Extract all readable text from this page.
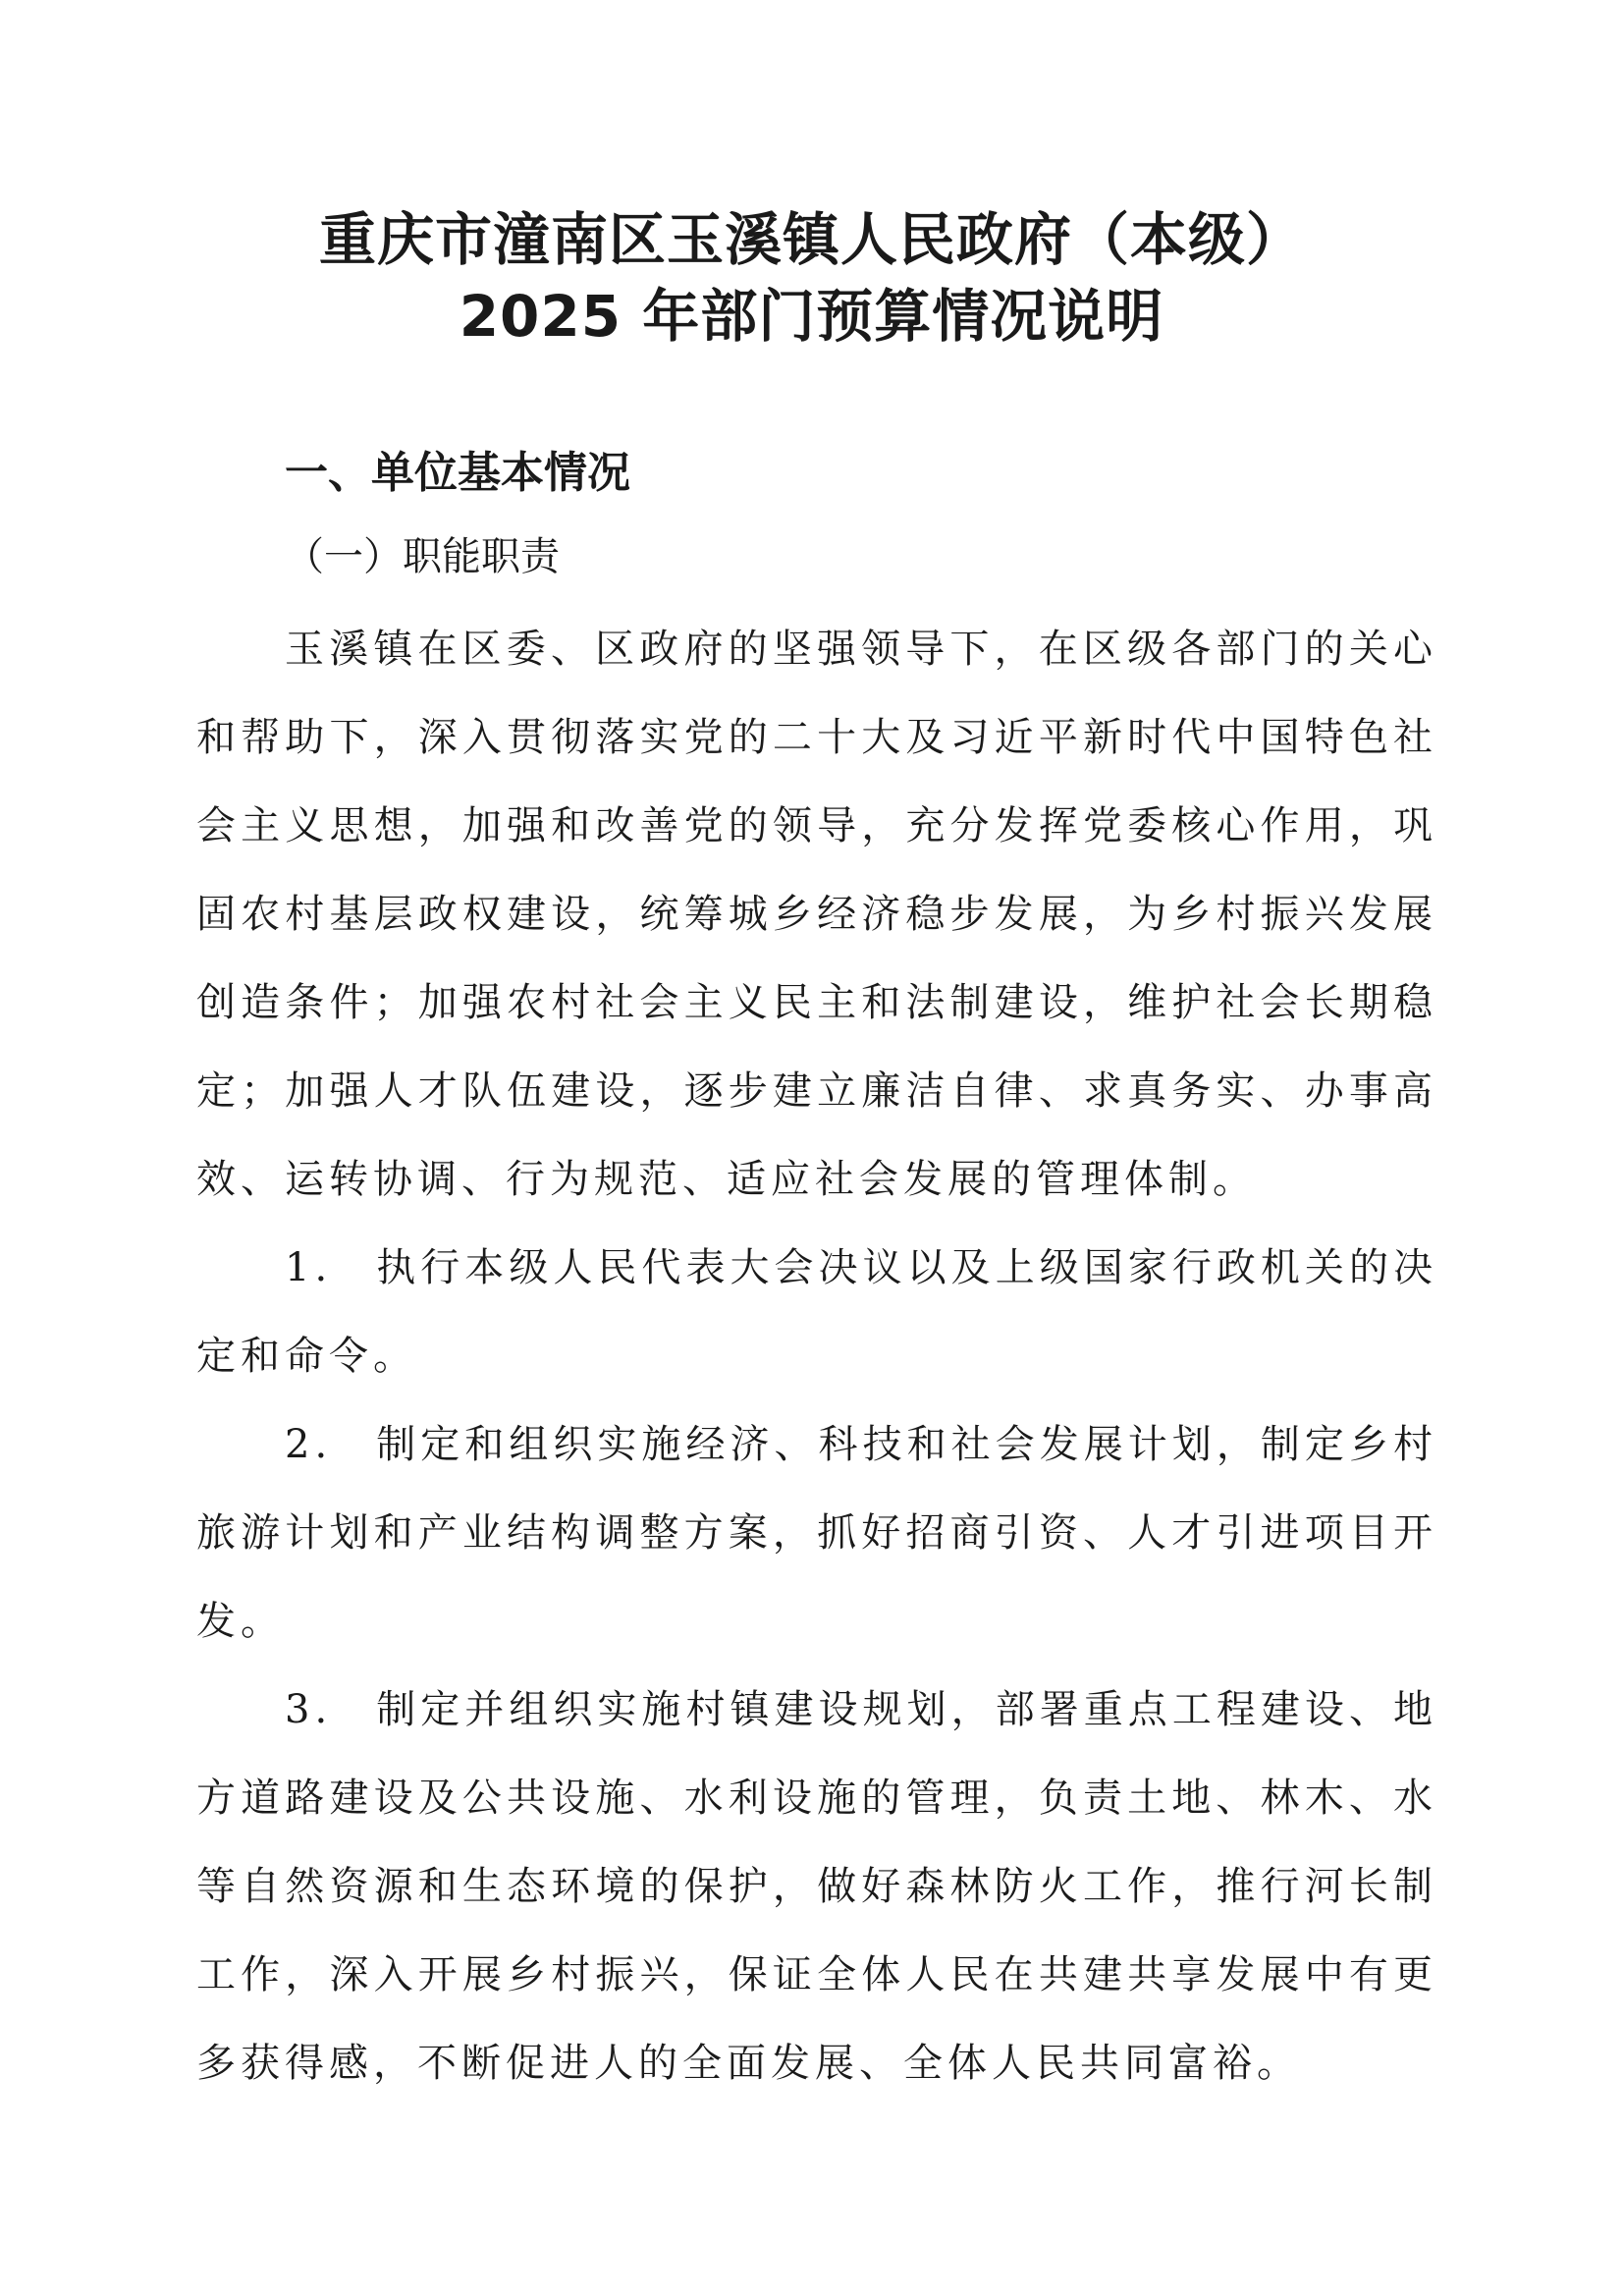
重庆市潼南区玉溪镇人民政府（本级）
2025 年部门预算情况说明
一、单位基本情况
（一）职能职责

玉溪镇在区委、区政府的坚强领导下，在区级各部门的关心和帮助下，深入贯彻落实党的二十大及习近平新时代中国特色社会主义思想，加强和改善党的领导，充分发挥党委核心作用，巩固农村基层政权建设，统筹城乡经济稳步发展，为乡村振兴发展创造条件；加强农村社会主义民主和法制建设，维护社会长期稳定；加强人才队伍建设，逐步建立廉洁自律、求真务实、办事高效、运转协调、行为规范、适应社会发展的管理体制。

1.　执行本级人民代表大会决议以及上级国家行政机关的决定和命令。

2.　制定和组织实施经济、科技和社会发展计划，制定乡村旅游计划和产业结构调整方案，抓好招商引资、人才引进项目开发。

3.　制定并组织实施村镇建设规划，部署重点工程建设、地方道路建设及公共设施、水利设施的管理，负责土地、林木、水等自然资源和生态环境的保护，做好森林防火工作，推行河长制工作，深入开展乡村振兴，保证全体人民在共建共享发展中有更多获得感，不断促进人的全面发展、全体人民共同富裕。
